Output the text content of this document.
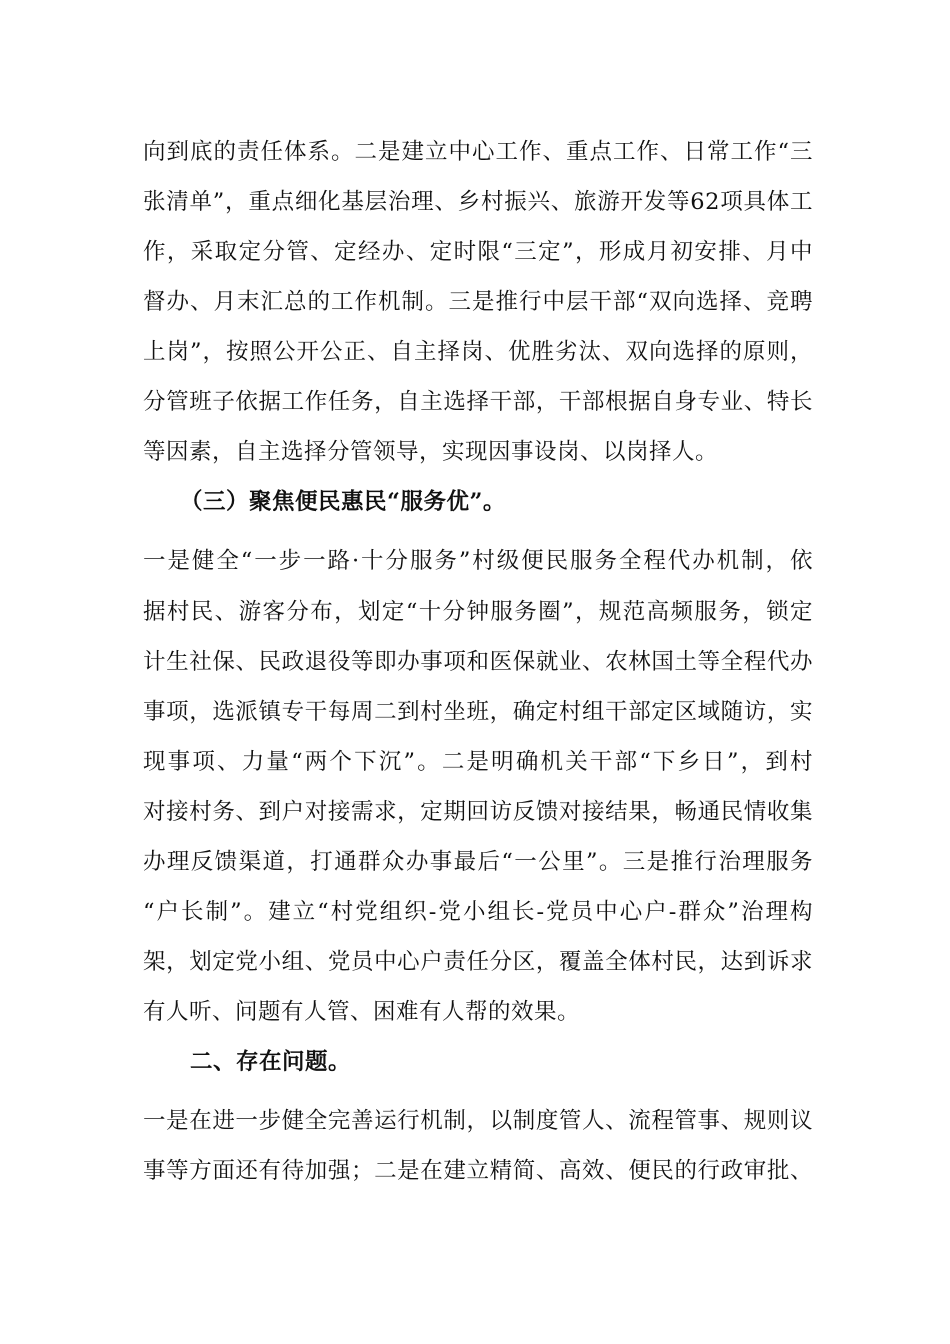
向到底的责任体系。二是建立中心工作、重点工作、日常工作“三
张清单”，重点细化基层治理、乡村振兴、旅游开发等62项具体工
作，采取定分管、定经办、定时限“三定”，形成月初安排、月中
督办、月末汇总的工作机制。三是推行中层干部“双向选择、竞聘
上岗”，按照公开公正、自主择岗、优胜劣汰、双向选择的原则，
分管班子依据工作任务，自主选择干部，干部根据自身专业、特长
等因素，自主选择分管领导，实现因事设岗、以岗择人。
（三）聚焦便民惠民“服务优”。
一是健全“一步一路·十分服务”村级便民服务全程代办机制，依
据村民、游客分布，划定“十分钟服务圈”，规范高频服务，锁定
计生社保、民政退役等即办事项和医保就业、农林国土等全程代办
事项，选派镇专干每周二到村坐班，确定村组干部定区域随访，实
现事项、力量“两个下沉”。二是明确机关干部“下乡日”，到村
对接村务、到户对接需求，定期回访反馈对接结果，畅通民情收集
办理反馈渠道，打通群众办事最后“一公里”。三是推行治理服务
“户长制”。建立“村党组织-党小组长-党员中心户-群众”治理构
架，划定党小组、党员中心户责任分区，覆盖全体村民，达到诉求
有人听、问题有人管、困难有人帮的效果。
二、存在问题。
一是在进一步健全完善运行机制，以制度管人、流程管事、规则议
事等方面还有待加强；二是在建立精简、高效、便民的行政审批、
